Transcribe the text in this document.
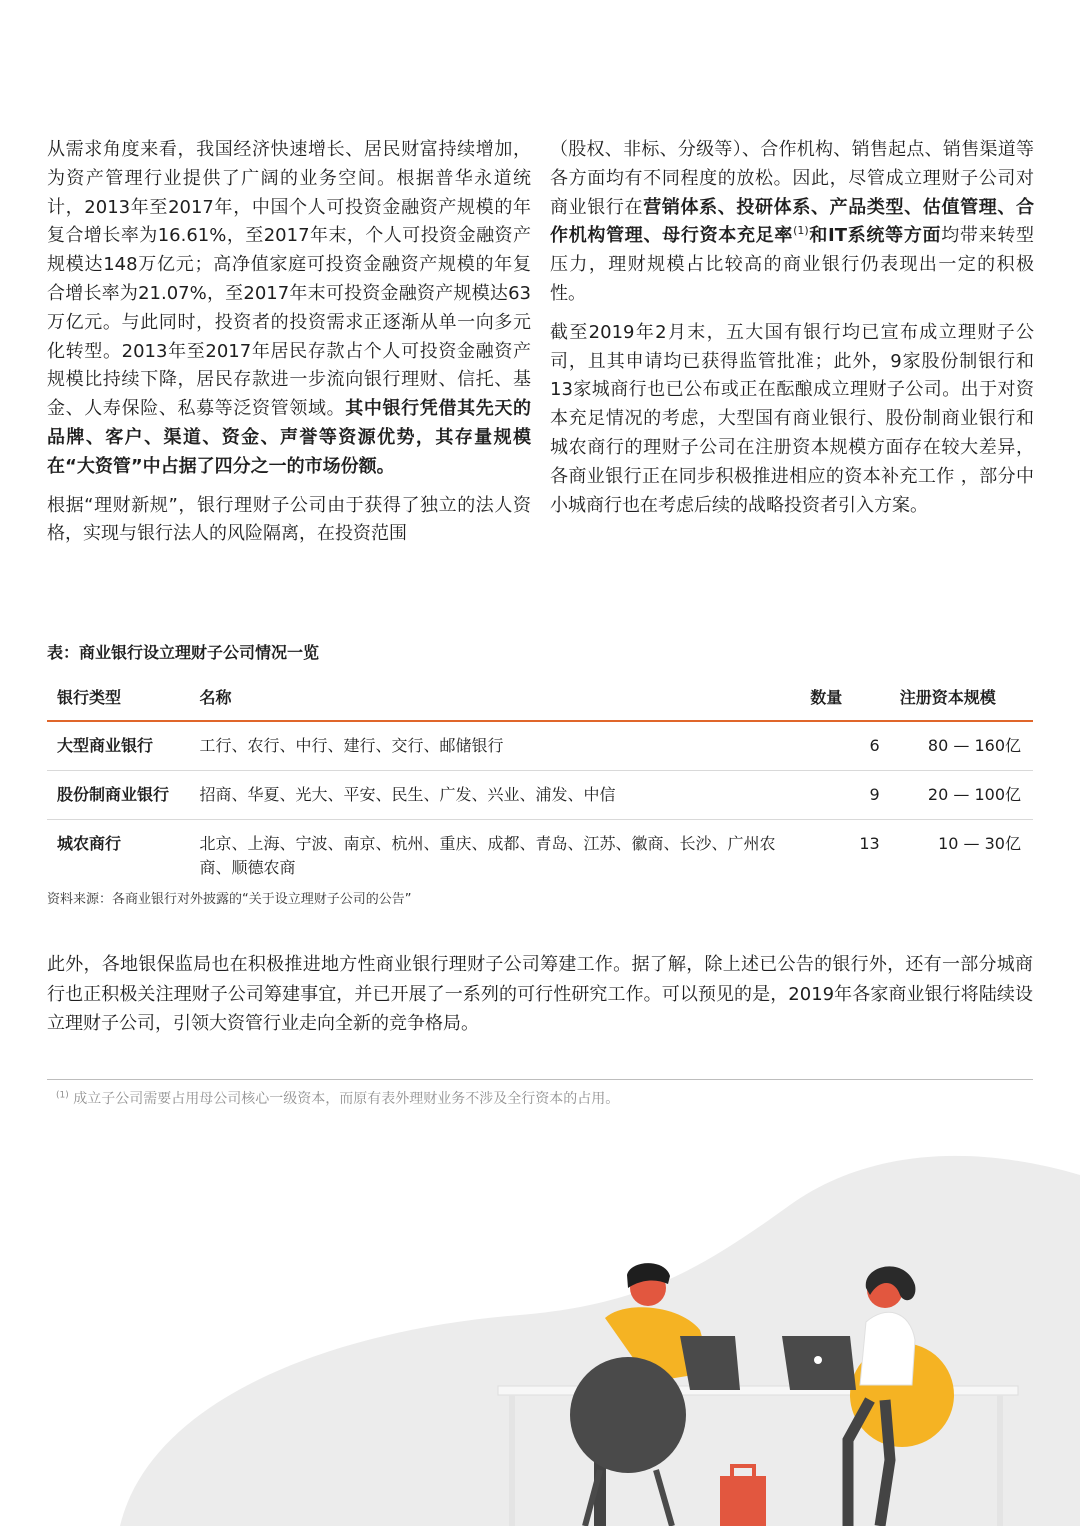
从需求角度来看，我国经济快速增长、居民财富持续增加，为资产管理行业提供了广阔的业务空间。根据普华永道统计，2013年至2017年，中国个人可投资金融资产规模的年复合增长率为16.61%，至2017年末，个人可投资金融资产规模达148万亿元；高净值家庭可投资金融资产规模的年复合增长率为21.07%，至2017年末可投资金融资产规模达63万亿元。与此同时，投资者的投资需求正逐渐从单一向多元化转型。2013年至2017年居民存款占个人可投资金融资产规模比持续下降，居民存款进一步流向银行理财、信托、基金、人寿保险、私募等泛资管领域。其中银行凭借其先天的品牌、客户、渠道、资金、声誉等资源优势，其存量规模在“大资管”中占据了四分之一的市场份额。

根据“理财新规”，银行理财子公司由于获得了独立的法人资格，实现与银行法人的风险隔离，在投资范围

（股权、非标、分级等）、合作机构、销售起点、销售渠道等各方面均有不同程度的放松。因此，尽管成立理财子公司对商业银行在营销体系、投研体系、产品类型、估值管理、合作机构管理、母行资本充足率$^{(1)}$和IT系统等方面均带来转型压力，理财规模占比较高的商业银行仍表现出一定的积极性。

截至2019年2月末，五大国有银行均已宣布成立理财子公司，且其申请均已获得监管批准；此外，9家股份制银行和13家城商行也已公布或正在酝酿成立理财子公司。出于对资本充足情况的考虑，大型国有商业银行、股份制商业银行和城农商行的理财子公司在注册资本规模方面存在较大差异，各商业银行正在同步积极推进相应的资本补充工作 ，部分中小城商行也在考虑后续的战略投资者引入方案。

表：商业银行设立理财子公司情况一览
银行类型	名称	数量	注册资本规模
大型商业银行	工行、农行、中行、建行、交行、邮储银行	6	80 — 160亿
股份制商业银行	招商、华夏、光大、平安、民生、广发、兴业、浦发、中信	9	20 — 100亿
城农商行	北京、上海、宁波、南京、杭州、重庆、成都、青岛、江苏、徽商、长沙、广州农商、顺德农商	13	10 — 30亿
资料来源：各商业银行对外披露的“关于设立理财子公司的公告”

此外，各地银保监局也在积极推进地方性商业银行理财子公司筹建工作。据了解，除上述已公告的银行外，还有一部分城商行也正积极关注理财子公司筹建事宜，并已开展了一系列的可行性研究工作。可以预见的是，2019年各家商业银行将陆续设立理财子公司，引领大资管行业走向全新的竞争格局。

$^{(1)}$ 成立子公司需要占用母公司核心一级资本，而原有表外理财业务不涉及全行资本的占用。
